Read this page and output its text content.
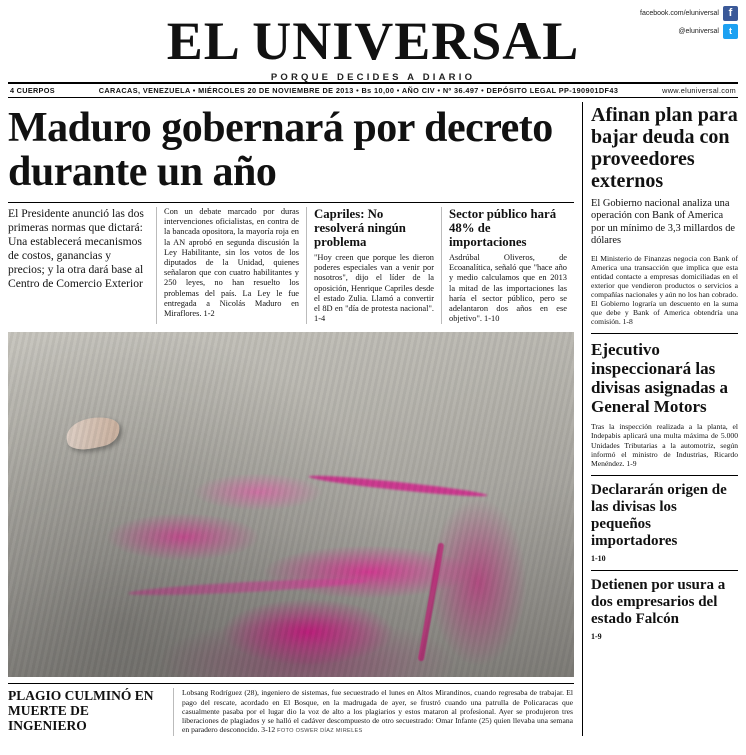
EL UNIVERSAL
PORQUE DECIDES A DIARIO
facebook.com/eluniversal f
@eluniversal	t
4 CUERPOS	CARACAS, VENEZUELA • MIÉRCOLES 20 DE NOVIEMBRE DE 2013 • Bs 10,00 • AÑO CIV • Nº 36.497 • DEPÓSITO LEGAL PP-190901DF43	www.eluniversal.com
Maduro gobernará por decreto durante un año
El Presidente anunció las dos primeras normas que dictará: Una establecerá mecanismos de costos, ganancias y precios; y la otra dará base al Centro de Comercio Exterior
Con un debate marcado por duras intervenciones oficialistas, en contra de la bancada opositora, la mayoría roja en la AN aprobó en segunda discusión la Ley Habilitante, sin los votos de los diputados de la Unidad, quienes señalaron que con cuatro habilitantes y 250 leyes, no han resuelto los problemas del país. La Ley le fue entregada a Nicolás Maduro en Miraflores. 1-2
Capriles: No resolverá ningún problema
"Hoy creen que porque les dieron poderes especiales van a venir por nosotros", dijo el líder de la oposición, Henrique Capriles desde el estado Zulia. Llamó a convertir el 8D en "día de protesta nacional". 1-4
Sector público hará 48% de importaciones
Asdrúbal Oliveros, de Ecoanalítica, señaló que "hace año y medio calculamos que en 2013 la mitad de las importaciones las haría el sector público, pero se adelantaron dos años en ese objetivo". 1-10
PLAGIO CULMINÓ EN MUERTE DE INGENIERO
Lobsang Rodríguez (28), ingeniero de sistemas, fue secuestrado el lunes en Altos Mirandinos, cuando regresaba de trabajar. El pago del rescate, acordado en El Bosque, en la madrugada de ayer, se frustró cuando una patrulla de Policaracas que casualmente pasaba por el lugar dio la voz de alto a los plagiarios y estos mataron al profesional. Ayer se produjeron tres liberaciones de plagiados y se halló el cadáver descompuesto de otro secuestrado: Omar Infante (25) quien llevaba una semana en paradero desconocido. 3-12 FOTO OSWER DÍAZ MIRELES
Afinan plan para bajar deuda con proveedores externos
El Gobierno nacional analiza una operación con Bank of America por un mínimo de 3,3 millardos de dólares
El Ministerio de Finanzas negocia con Bank of America una transacción que implica que esta entidad contacte a empresas domiciliadas en el exterior que vendieron productos o servicios a compañías nacionales y aún no los han cobrado. El Gobierno lograría un descuento en la suma que debe y Bank of America obtendría una comisión. 1-8
Ejecutivo inspeccionará las divisas asignadas a General Motors
Tras la inspección realizada a la planta, el Indepabis aplicará una multa máxima de 5.000 Unidades Tributarias a la automotriz, según informó el ministro de Industrias, Ricardo Menéndez. 1-9
Declararán origen de las divisas los pequeños importadores
1-10
Detienen por usura a dos empresarios del estado Falcón
1-9
